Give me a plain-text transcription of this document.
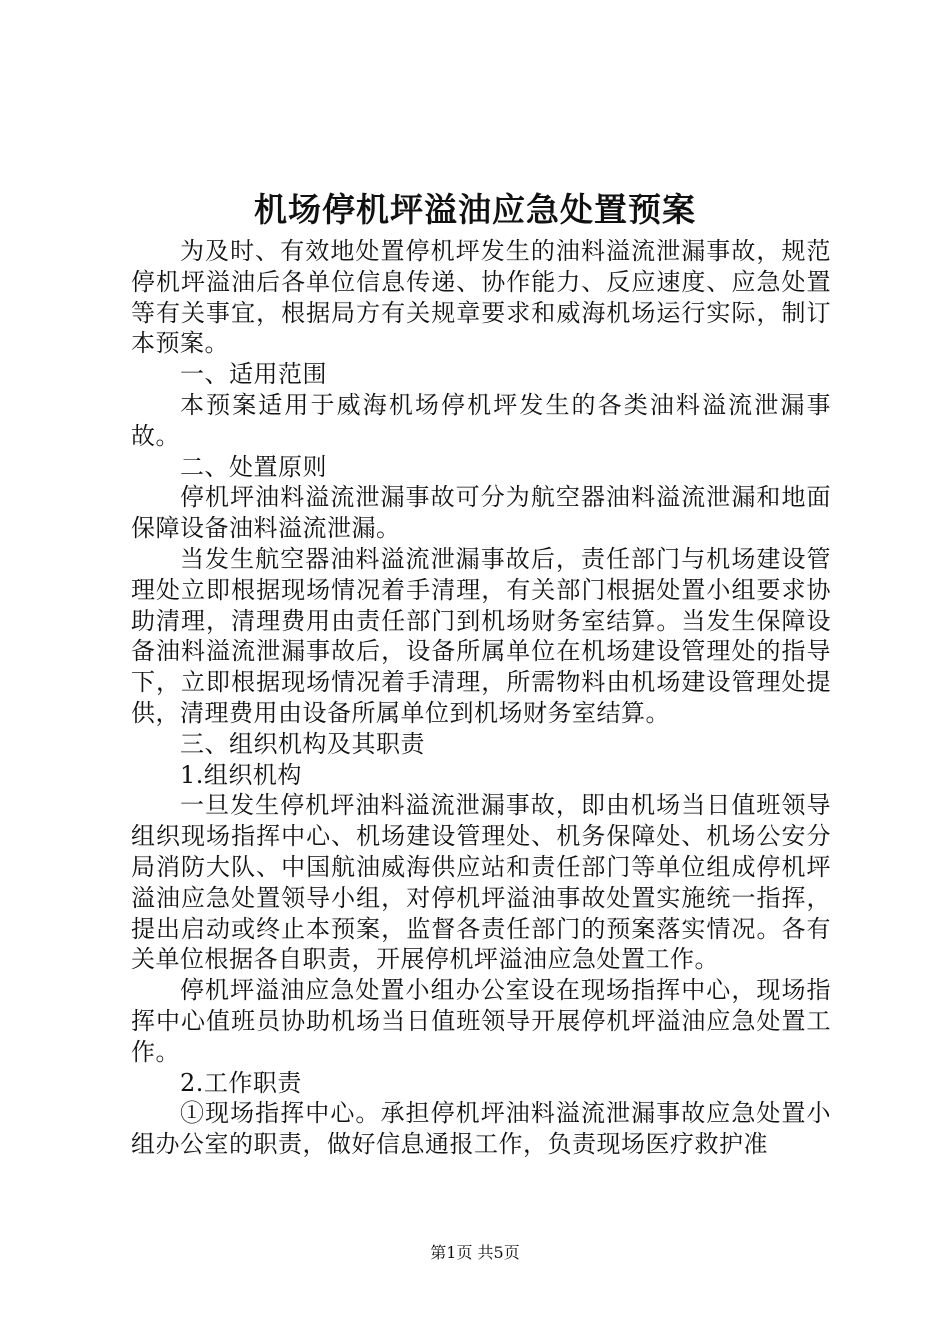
机场停机坪溢油应急处置预案

为及时、有效地处置停机坪发生的油料溢流泄漏事故，规范停机坪溢油后各单位信息传递、协作能力、反应速度、应急处置等有关事宜，根据局方有关规章要求和威海机场运行实际，制订本预案。

一、适用范围

本预案适用于威海机场停机坪发生的各类油料溢流泄漏事故。

二、处置原则

停机坪油料溢流泄漏事故可分为航空器油料溢流泄漏和地面保障设备油料溢流泄漏。

当发生航空器油料溢流泄漏事故后，责任部门与机场建设管理处立即根据现场情况着手清理，有关部门根据处置小组要求协助清理，清理费用由责任部门到机场财务室结算。当发生保障设备油料溢流泄漏事故后，设备所属单位在机场建设管理处的指导下，立即根据现场情况着手清理，所需物料由机场建设管理处提供，清理费用由设备所属单位到机场财务室结算。

三、组织机构及其职责

1.组织机构

一旦发生停机坪油料溢流泄漏事故，即由机场当日值班领导组织现场指挥中心、机场建设管理处、机务保障处、机场公安分局消防大队、中国航油威海供应站和责任部门等单位组成停机坪溢油应急处置领导小组，对停机坪溢油事故处置实施统一指挥，提出启动或终止本预案，监督各责任部门的预案落实情况。各有关单位根据各自职责，开展停机坪溢油应急处置工作。

停机坪溢油应急处置小组办公室设在现场指挥中心，现场指挥中心值班员协助机场当日值班领导开展停机坪溢油应急处置工作。

2.工作职责

①现场指挥中心。承担停机坪油料溢流泄漏事故应急处置小组办公室的职责，做好信息通报工作，负责现场医疗救护准

第1页 共5页
